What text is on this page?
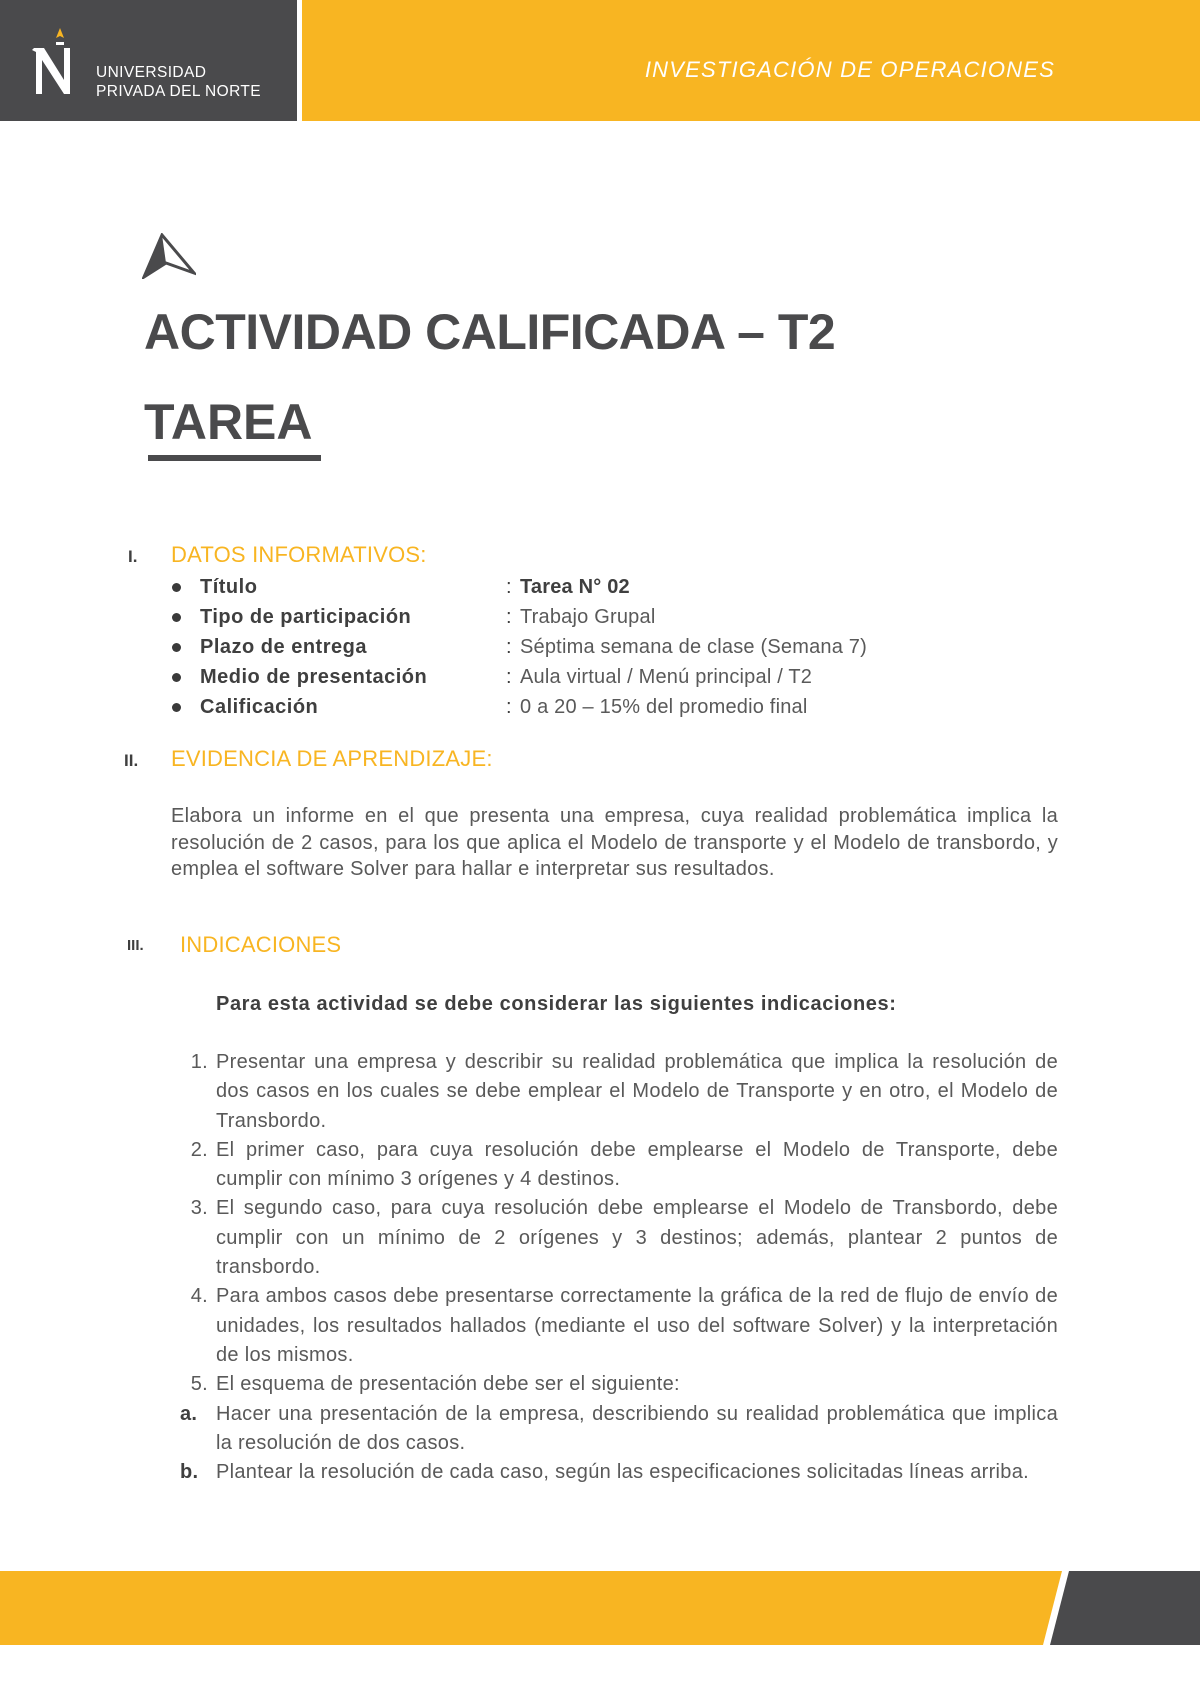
UNIVERSIDAD
PRIVADA DEL NORTE
INVESTIGACIÓN DE OPERACIONES
ACTIVIDAD CALIFICADA – T2
TAREA
I. DATOS INFORMATIVOS:
Título	: Tarea N° 02
Tipo de participación	: Trabajo Grupal
Plazo de entrega	: Séptima semana de clase (Semana 7)
Medio de presentación	: Aula virtual / Menú principal / T2
Calificación	: 0 a 20 – 15% del promedio final
II. EVIDENCIA DE APRENDIZAJE:

Elabora un informe en el que presenta una empresa, cuya realidad problemática implica la resolución de 2 casos, para los que aplica el Modelo de transporte y el Modelo de transbordo, y emplea el software Solver para hallar e interpretar sus resultados.

III. INDICACIONES

Para esta actividad se debe considerar las siguientes indicaciones:

1. Presentar una empresa y describir su realidad problemática que implica la resolución de dos casos en los cuales se debe emplear el Modelo de Transporte y en otro, el Modelo de Transbordo.
2. El primer caso, para cuya resolución debe emplearse el Modelo de Transporte, debe cumplir con mínimo 3 orígenes y 4 destinos.
3. El segundo caso, para cuya resolución debe emplearse el Modelo de Transbordo, debe cumplir con un mínimo de 2 orígenes y 3 destinos; además, plantear 2 puntos de transbordo.
4. Para ambos casos debe presentarse correctamente la gráfica de la red de flujo de envío de unidades, los resultados hallados (mediante el uso del software Solver) y la interpretación de los mismos.
5. El esquema de presentación debe ser el siguiente:
a. Hacer una presentación de la empresa, describiendo su realidad problemática que implica la resolución de dos casos.
b. Plantear la resolución de cada caso, según las especificaciones solicitadas líneas arriba.
